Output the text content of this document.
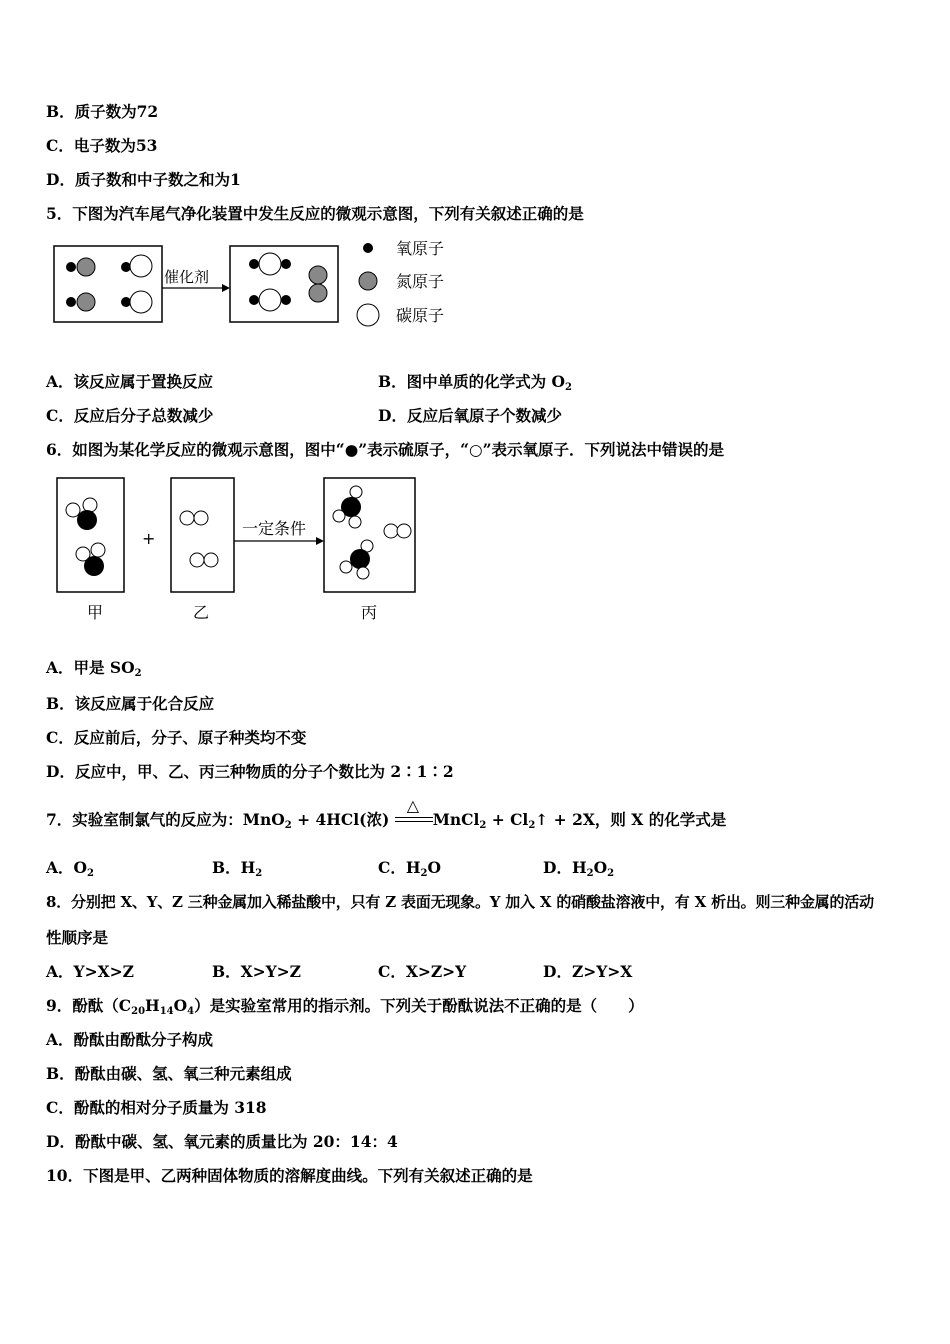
B．质子数为72
C．电子数为53
D．质子数和中子数之和为1
5．下图为汽车尾气净化装置中发生反应的微观示意图，下列有关叙述正确的是
催化剂
氧原子
氮原子
碳原子
A．该反应属于置换反应	B．图中单质的化学式为 $O_2$
C．反应后分子总数减少	D．反应后氧原子个数减少
6．如图为某化学反应的微观示意图，图中“●”表示硫原子，“○”表示氧原子．下列说法中错误的是
+
一定条件
甲	乙	丙
A．甲是 $SO_2$
B．该反应属于化合反应
C．反应前后，分子、原子种类均不变
D．反应中，甲、乙、丙三种物质的分子个数比为 2∶1∶2
7．实验室制氯气的反应为：MnO$_2$ + 4HCl(浓)
△
MnCl$_2$ + $Cl_2↑ + 2X$，则 X 的化学式是
A．$O_2$	B．$H_2$	C．$H_2O$	D．$H_2O_2$
8．分别把 X、Y、Z 三种金属加入稀盐酸中，只有 Z 表面无现象。Y 加入 X 的硝酸盐溶液中，有 X 析出。则三种金属的活动
性顺序是
A．Y>X>Z	B．X>Y>Z	C．X>Z>Y	D．Z>Y>X
9．酚酞$(C_{20}H_{14}O_4)$是实验室常用的指示剂。下列关于酚酞说法不正确的是（　　）
A．酚酞由酚酞分子构成
B．酚酞由碳、氢、氧三种元素组成
C．酚酞的相对分子质量为 318
D．酚酞中碳、氢、氧元素的质量比为 20：14：4
10．下图是甲、乙两种固体物质的溶解度曲线。下列有关叙述正确的是
